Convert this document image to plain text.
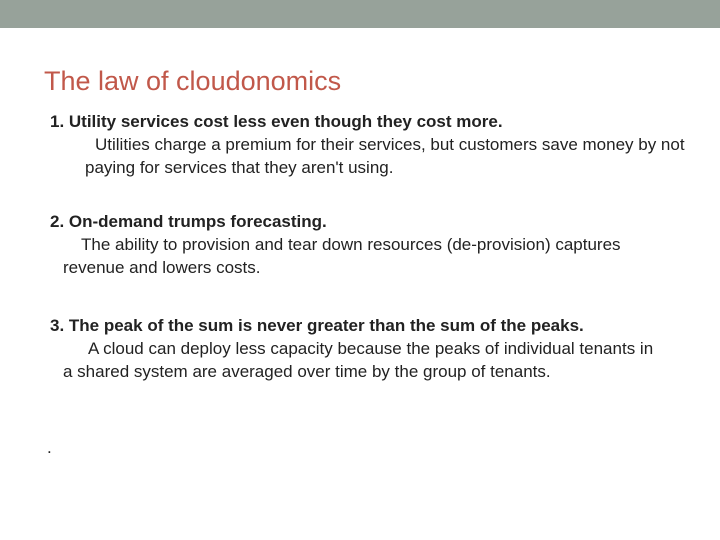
The law of cloudonomics
1. Utility services cost less even though they cost more.

Utilities charge a premium for their services, but customers save money by not paying for services that they aren't using.

2. On-demand trumps forecasting.

The ability to provision and tear down resources (de-provision) captures revenue and lowers costs.

3. The peak of the sum is never greater than the sum of the peaks.

A cloud can deploy less capacity because the peaks of individual tenants in a shared system are averaged over time by the group of tenants.

.
